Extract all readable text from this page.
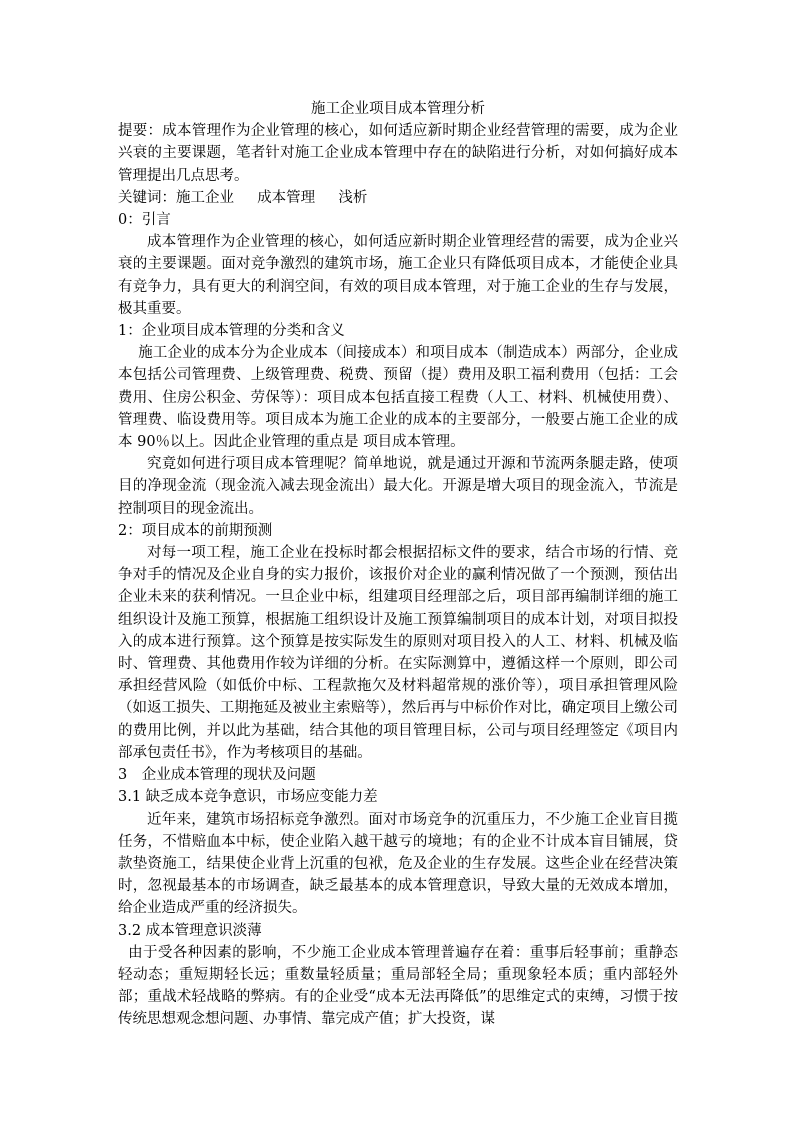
施工企业项目成本管理分析

提要：成本管理作为企业管理的核心，如何适应新时期企业经营管理的需要，成为企业兴衰的主要课题，笔者针对施工企业成本管理中存在的缺陷进行分析，对如何搞好成本管理提出几点思考。

关键词：施工企业 成本管理 浅析

0：引言

成本管理作为企业管理的核心，如何适应新时期企业管理经营的需要，成为企业兴衰的主要课题。面对竞争激烈的建筑市场，施工企业只有降低项目成本，才能使企业具有竞争力，具有更大的利润空间，有效的项目成本管理，对于施工企业的生存与发展，极其重要。

1：企业项目成本管理的分类和含义

施工企业的成本分为企业成本（间接成本）和项目成本（制造成本）两部分，企业成本包括公司管理费、上级管理费、税费、预留（提）费用及职工福利费用（包括：工会费用、住房公积金、劳保等）：项目成本包括直接工程费（人工、材料、机械使用费）、管理费、临设费用等。项目成本为施工企业的成本的主要部分，一般要占施工企业的成本 90％以上。因此企业管理的重点是 项目成本管理。

究竟如何进行项目成本管理呢？简单地说，就是通过开源和节流两条腿走路，使项目的净现金流（现金流入减去现金流出）最大化。开源是增大项目的现金流入，节流是控制项目的现金流出。

2：项目成本的前期预测

对每一项工程，施工企业在投标时都会根据招标文件的要求，结合市场的行情、竞争对手的情况及企业自身的实力报价，该报价对企业的赢利情况做了一个预测，预估出企业未来的获利情况。一旦企业中标，组建项目经理部之后，项目部再编制详细的施工组织设计及施工预算，根据施工组织设计及施工预算编制项目的成本计划，对项目拟投入的成本进行预算。这个预算是按实际发生的原则对项目投入的人工、材料、机械及临时、管理费、其他费用作较为详细的分析。在实际测算中，遵循这样一个原则，即公司承担经营风险（如低价中标、工程款拖欠及材料超常规的涨价等），项目承担管理风险（如返工损失、工期拖延及被业主索赔等），然后再与中标价作对比，确定项目上缴公司的费用比例，并以此为基础，结合其他的项目管理目标，公司与项目经理签定《项目内部承包责任书》，作为考核项目的基础。

3　企业成本管理的现状及问题

3.1 缺乏成本竞争意识，市场应变能力差

近年来，建筑市场招标竞争激烈。面对市场竞争的沉重压力，不少施工企业盲目揽任务，不惜赔血本中标，使企业陷入越干越亏的境地；有的企业不计成本盲目铺展，贷款垫资施工，结果使企业背上沉重的包袱，危及企业的生存发展。这些企业在经营决策时，忽视最基本的市场调查，缺乏最基本的成本管理意识，导致大量的无效成本增加，给企业造成严重的经济损失。

3.2 成本管理意识淡薄

由于受各种因素的影响，不少施工企业成本管理普遍存在着：重事后轻事前；重静态轻动态；重短期轻长远；重数量轻质量；重局部轻全局；重现象轻本质；重内部轻外部；重战术轻战略的弊病。有的企业受“成本无法再降低”的思维定式的束缚，习惯于按传统思想观念想问题、办事情、靠完成产值；扩大投资，谋
